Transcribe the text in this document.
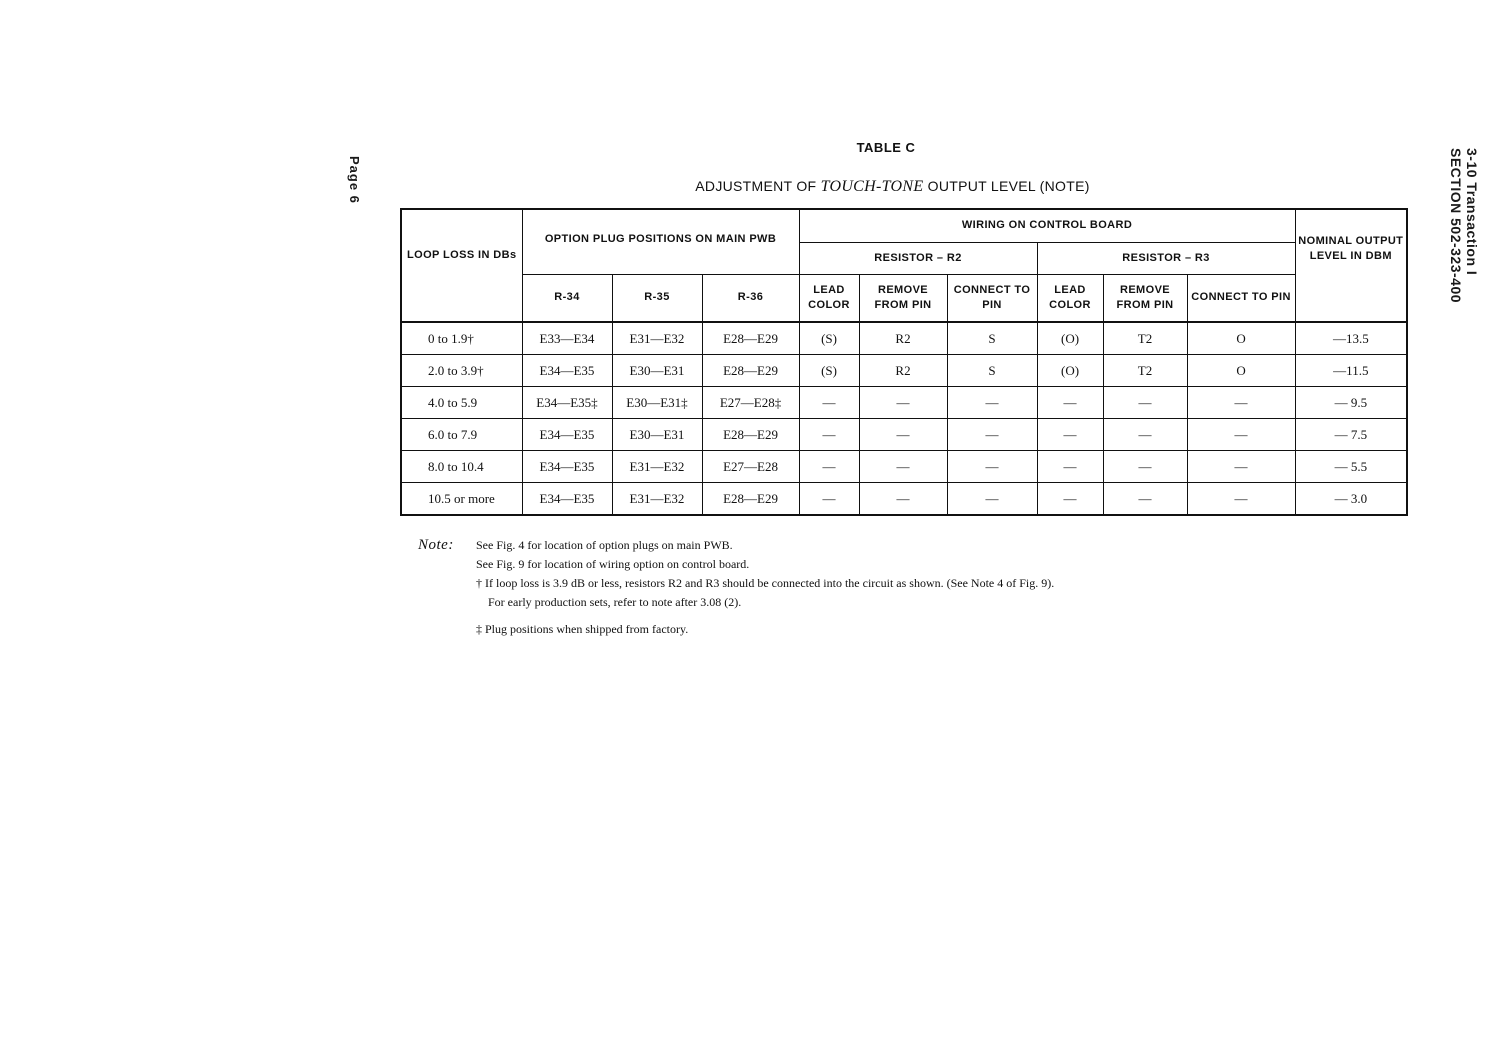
Page 6	3-10 Transaction I
SECTION 502-323-400
TABLE C
ADJUSTMENT OF TOUCH-TONE OUTPUT LEVEL (NOTE)
LOOP LOSS IN DBs	OPTION PLUG POSITIONS ON MAIN PWB			WIRING ON CONTROL BOARD						NOMINAL OUTPUT LEVEL IN DBM
				RESISTOR – R2			RESISTOR – R3			
	R-34	R-35	R-36	LEAD COLOR	REMOVE FROM PIN	CONNECT TO PIN	LEAD COLOR	REMOVE FROM PIN	CONNECT TO PIN	
0 to 1.9†	E33—E34	E31—E32	E28—E29	(S)	R2	S	(O)	T2	O	—13.5
2.0 to 3.9†	E34—E35	E30—E31	E28—E29	(S)	R2	S	(O)	T2	O	—11.5
4.0 to 5.9	E34—E35‡	E30—E31‡	E27—E28‡	—	—	—	—	—	—	— 9.5
6.0 to 7.9	E34—E35	E30—E31	E28—E29	—	—	—	—	—	—	— 7.5
8.0 to 10.4	E34—E35	E31—E32	E27—E28	—	—	—	—	—	—	— 5.5
10.5 or more	E34—E35	E31—E32	E28—E29	—	—	—	—	—	—	— 3.0
Note: See Fig. 4 for location of option plugs on main PWB.
See Fig. 9 for location of wiring option on control board.
† If loop loss is 3.9 dB or less, resistors R2 and R3 should be connected into the circuit as shown. (See Note 4 of Fig. 9).
For early production sets, refer to note after 3.08 (2).
‡ Plug positions when shipped from factory.
